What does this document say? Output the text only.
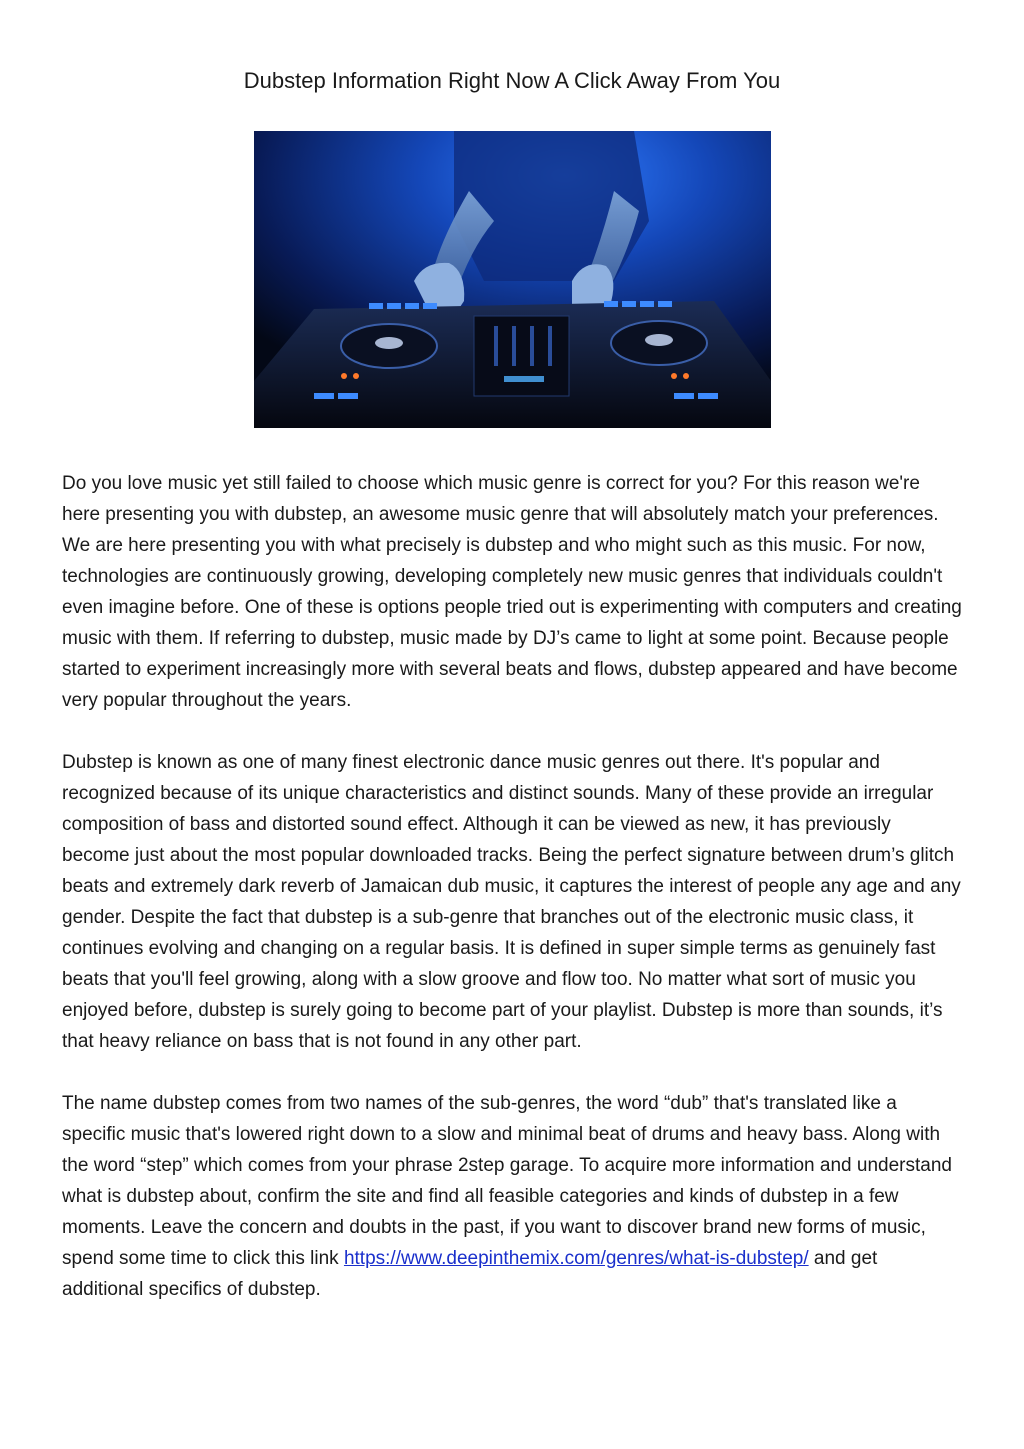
Dubstep Information Right Now A Click Away From You

Do you love music yet still failed to choose which music genre is correct for you? For this reason we're here presenting you with dubstep, an awesome music genre that will absolutely match your preferences. We are here presenting you with what precisely is dubstep and who might such as this music. For now, technologies are continuously growing, developing completely new music genres that individuals couldn't even imagine before. One of these is options people tried out is experimenting with computers and creating music with them. If referring to dubstep, music made by DJ’s came to light at some point. Because people started to experiment increasingly more with several beats and flows, dubstep appeared and have become very popular throughout the years.

Dubstep is known as one of many finest electronic dance music genres out there. It's popular and recognized because of its unique characteristics and distinct sounds. Many of these provide an irregular composition of bass and distorted sound effect. Although it can be viewed as new, it has previously become just about the most popular downloaded tracks. Being the perfect signature between drum’s glitch beats and extremely dark reverb of Jamaican dub music, it captures the interest of people any age and any gender. Despite the fact that dubstep is a sub-genre that branches out of the electronic music class, it continues evolving and changing on a regular basis. It is defined in super simple terms as genuinely fast beats that you'll feel growing, along with a slow groove and flow too. No matter what sort of music you enjoyed before, dubstep is surely going to become part of your playlist. Dubstep is more than sounds, it’s that heavy reliance on bass that is not found in any other part.

The name dubstep comes from two names of the sub-genres, the word “dub” that's translated like a specific music that's lowered right down to a slow and minimal beat of drums and heavy bass. Along with the word “step” which comes from your phrase 2step garage. To acquire more information and understand what is dubstep about, confirm the site and find all feasible categories and kinds of dubstep in a few moments. Leave the concern and doubts in the past, if you want to discover brand new forms of music, spend some time to click this link https://www.deepinthemix.com/genres/what-is-dubstep/ and get additional specifics of dubstep.
